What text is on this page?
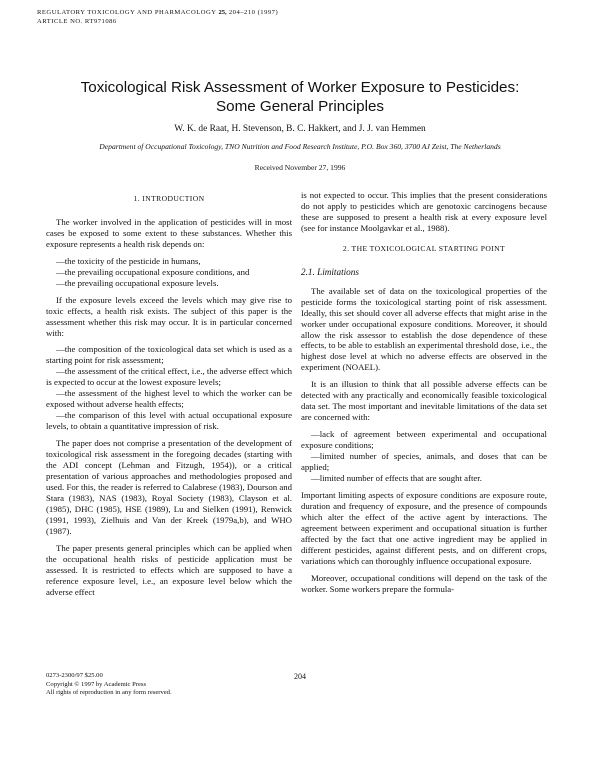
REGULATORY TOXICOLOGY AND PHARMACOLOGY 25, 204–210 (1997)
ARTICLE NO. RT971086
Toxicological Risk Assessment of Worker Exposure to Pesticides:
Some General Principles
W. K. de Raat, H. Stevenson, B. C. Hakkert, and J. J. van Hemmen
Department of Occupational Toxicology, TNO Nutrition and Food Research Institute, P.O. Box 360, 3700 AJ Zeist, The Netherlands
Received November 27, 1996
1. INTRODUCTION

The worker involved in the application of pesticides will in most cases be exposed to some extent to these substances. Whether this exposure represents a health risk depends on:

—the toxicity of the pesticide in humans,
—the prevailing occupational exposure conditions, and
—the prevailing occupational exposure levels.

If the exposure levels exceed the levels which may give rise to toxic effects, a health risk exists. The subject of this paper is the assessment whether this risk may occur. It is in particular concerned with:

—the composition of the toxicological data set which is used as a starting point for risk assessment;
—the assessment of the critical effect, i.e., the adverse effect which is expected to occur at the lowest exposure levels;
—the assessment of the highest level to which the worker can be exposed without adverse health effects;
—the comparison of this level with actual occupational exposure levels, to obtain a quantitative impression of risk.

The paper does not comprise a presentation of the development of toxicological risk assessment in the foregoing decades (starting with the ADI concept (Lehman and Fitzugh, 1954)), or a critical presentation of various approaches and methodologies proposed and used. For this, the reader is referred to Calabrese (1983), Dourson and Stara (1983), NAS (1983), Royal Society (1983), Clayson et al. (1985), DHC (1985), HSE (1989), Lu and Sielken (1991), Renwick (1991, 1993), Zielhuis and Van der Kreek (1979a,b), and WHO (1987).

The paper presents general principles which can be applied when the occupational health risks of pesticide application must be assessed. It is restricted to effects which are supposed to have a reference exposure level, i.e., an exposure level below which the adverse effect

is not expected to occur. This implies that the present considerations do not apply to pesticides which are genotoxic carcinogens because these are supposed to present a health risk at every exposure level (see for instance Moolgavkar et al., 1988).

2. THE TOXICOLOGICAL STARTING POINT
2.1. Limitations

The available set of data on the toxicological properties of the pesticide forms the toxicological starting point of risk assessment. Ideally, this set should cover all adverse effects that might arise in the worker under occupational exposure conditions. Moreover, it should allow the risk assessor to establish the dose dependence of these effects, to be able to establish an experimental threshold dose, i.e., the highest dose level at which no adverse effects are observed in the experiment (NOAEL).

It is an illusion to think that all possible adverse effects can be detected with any practically and economically feasible toxicological data set. The most important and inevitable limitations of the data set are concerned with:

—lack of agreement between experimental and occupational exposure conditions;
—limited number of species, animals, and doses that can be applied;
—limited number of effects that are sought after.

Important limiting aspects of exposure conditions are exposure route, duration and frequency of exposure, and the presence of compounds which alter the effect of the active agent by interactions. The agreement between experiment and occupational situation is further affected by the fact that one active ingredient may be applied in different pesticides, against different pests, and on different crops, variations which can thoroughly influence occupational exposure.

Moreover, occupational conditions will depend on the task of the worker. Some workers prepare the formula-

0273-2300/97 $25.00
Copyright © 1997 by Academic Press
All rights of reproduction in any form reserved.
204
